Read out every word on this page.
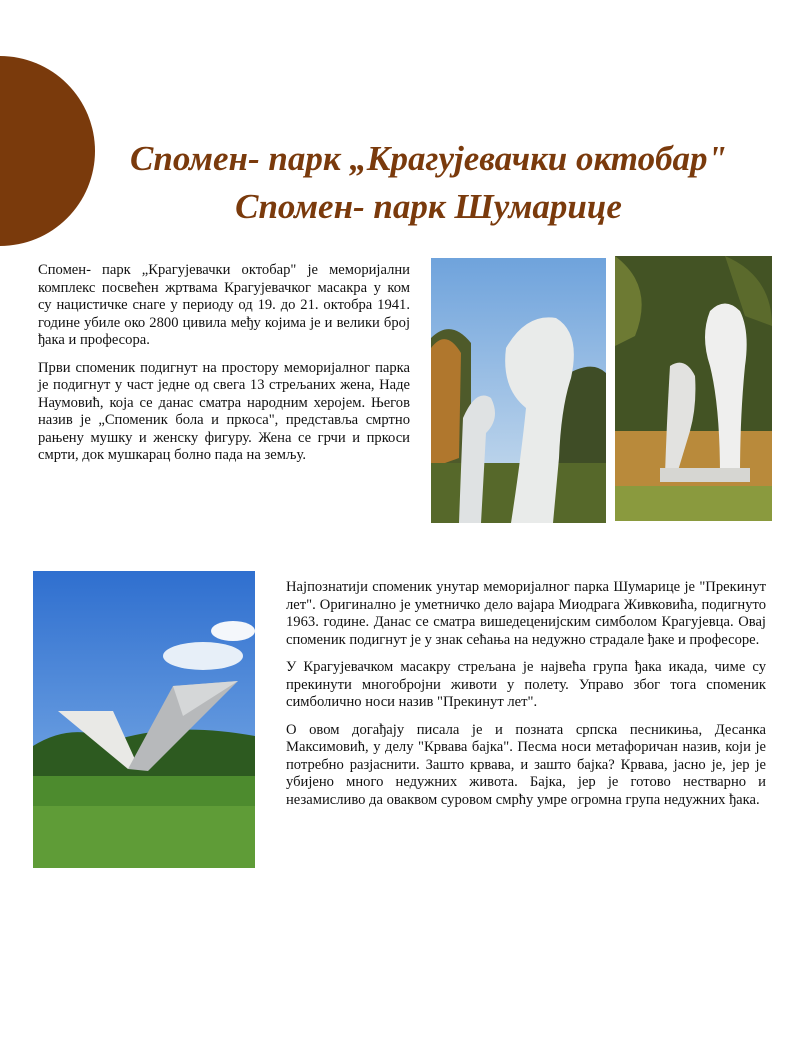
Спомен- парк „Крагујевачки октобар"
Спомен- парк Шумарице

Спомен- парк „Крагујевачки октобар" је меморијални комплекс посвећен жртвама Крагујевачког масакра у ком су нацистичке снаге у периоду од 19. до 21. октобра 1941. године убиле око 2800 цивила међу којима је и велики број ђака и професора.

Први споменик подигнут на простору меморијалног парка је подигнут у част једне од свега 13 стрељаних жена, Наде Наумовић, која се данас сматра народним херојем. Његов назив је „Споменик бола и пркоса", представља смртно рањену мушку и женску фигуру. Жена се грчи и пркоси смрти, док мушкарац болно пада на земљу.

Најпознатији споменик унутар меморијалног парка Шумарице је "Прекинут лет". Оригинално је уметничко дело вајара Миодрага Живковића, подигнуто 1963. године. Данас се сматра вишедеценијским симболом Крагујевца. Овај споменик подигнут је у знак сећања на недужно страдале ђаке и професоре.

У Крагујевачком масакру стрељана је највећа група ђака икада, чиме су прекинути многобројни животи у полету. Управо због тога споменик симболично носи назив "Прекинут лет".

О овом догађају писала је и позната српска песникиња, Десанка Максимовић, у делу "Крвава бајка". Песма носи метафоричан назив, који је потребно разјаснити. Зашто крвава, и зашто бајка? Крвава, јасно је, јер је убијено много недужних живота. Бајка, јер је готово нестварно и незамисливо да оваквом суровом смрћу умре огромна група недужних ђака.
